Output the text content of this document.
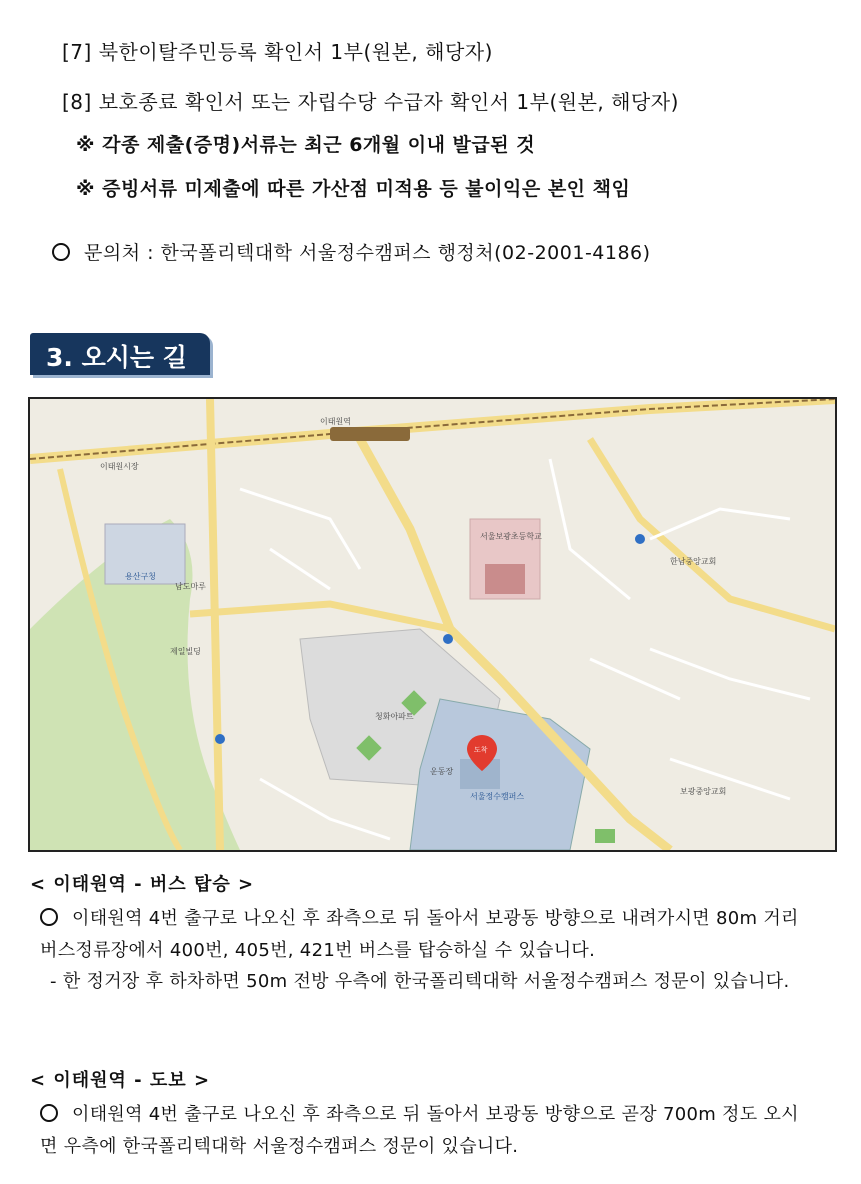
[7] 북한이탈주민등록 확인서 1부(원본, 해당자)
[8] 보호종료 확인서 또는 자립수당 수급자 확인서 1부(원본, 해당자)
※ 각종 제출(증명)서류는 최근 6개월 이내 발급된 것
※ 증빙서류 미제출에 따른 가산점 미적용 등 불이익은 본인 책임
문의처 : 한국폴리텍대학 서울정수캠퍼스 행정처(02-2001-4186)
3. 오시는 길
이태원역
용산구청
남도마루
서울보광초등학교
이태원시장
제일빌딩
청화아파트
운동장
서울정수캠퍼스
한남중앙교회
보광중앙교회
도착
< 이태원역 - 버스 탑승 >
이태원역 4번 출구로 나오신 후 좌측으로 뒤 돌아서 보광동 방향으로 내려가시면 80m 거리 버스정류장에서 400번, 405번, 421번 버스를 탑승하실 수 있습니다.
- 한 정거장 후 하차하면 50m 전방 우측에 한국폴리텍대학 서울정수캠퍼스 정문이 있습니다.
< 이태원역 - 도보 >
이태원역 4번 출구로 나오신 후 좌측으로 뒤 돌아서 보광동 방향으로 곧장 700m 정도 오시면 우측에 한국폴리텍대학 서울정수캠퍼스 정문이 있습니다.
